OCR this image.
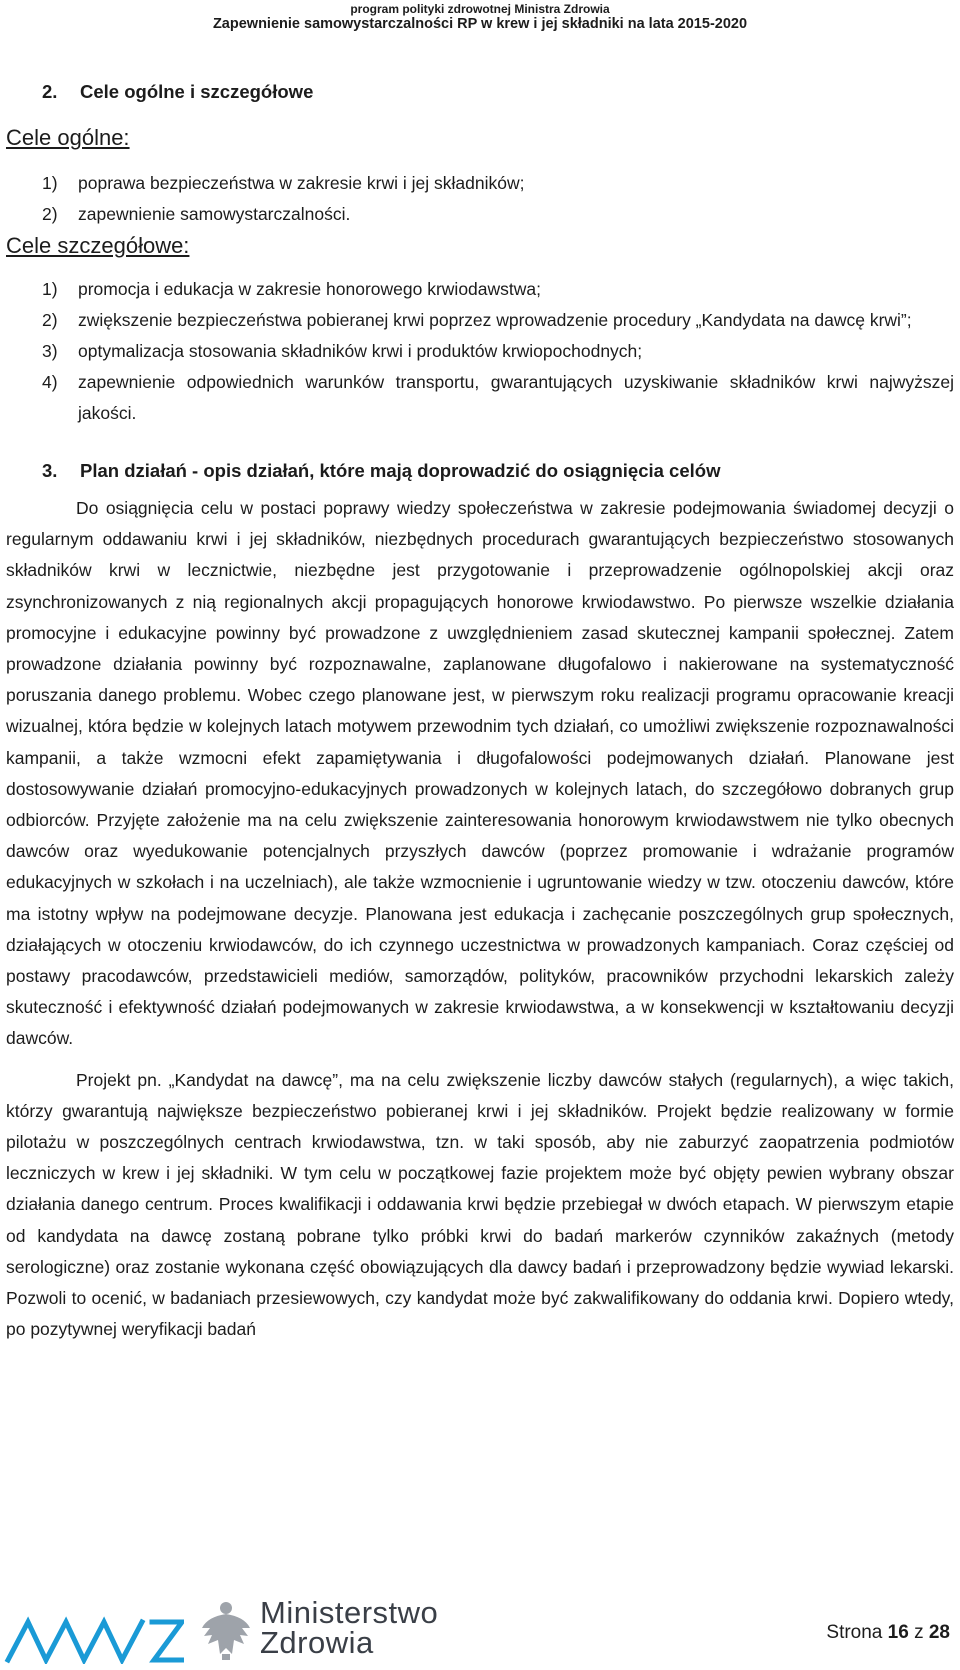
program polityki zdrowotnej Ministra Zdrowia
Zapewnienie samowystarczalności RP w krew i jej składniki na lata 2015-2020
2. Cele ogólne i szczegółowe
Cele ogólne:
1) poprawa bezpieczeństwa w zakresie krwi i jej składników;
2) zapewnienie samowystarczalności.
Cele szczegółowe:
1) promocja i edukacja w zakresie honorowego krwiodawstwa;
2) zwiększenie bezpieczeństwa pobieranej krwi poprzez wprowadzenie procedury „Kandydata na dawcę krwi”;
3) optymalizacja stosowania składników krwi i produktów krwiopochodnych;
4) zapewnienie odpowiednich warunków transportu, gwarantujących uzyskiwanie składników krwi najwyższej jakości.
3. Plan działań - opis działań, które mają doprowadzić do osiągnięcia celów

Do osiągnięcia celu w postaci poprawy wiedzy społeczeństwa w zakresie podejmowania świadomej decyzji o regularnym oddawaniu krwi i jej składników, niezbędnych procedurach gwarantujących bezpieczeństwo stosowanych składników krwi w lecznictwie, niezbędne jest przygotowanie i przeprowadzenie ogólnopolskiej akcji oraz zsynchronizowanych z nią regionalnych akcji propagujących honorowe krwiodawstwo. Po pierwsze wszelkie działania promocyjne i edukacyjne powinny być prowadzone z uwzględnieniem zasad skutecznej kampanii społecznej. Zatem prowadzone działania powinny być rozpoznawalne, zaplanowane długofalowo i nakierowane na systematyczność poruszania danego problemu. Wobec czego planowane jest, w pierwszym roku realizacji programu opracowanie kreacji wizualnej, która będzie w kolejnych latach motywem przewodnim tych działań, co umożliwi zwiększenie rozpoznawalności kampanii, a także wzmocni efekt zapamiętywania i długofalowości podejmowanych działań. Planowane jest dostosowywanie działań promocyjno-edukacyjnych prowadzonych w kolejnych latach, do szczegółowo dobranych grup odbiorców. Przyjęte założenie ma na celu zwiększenie zainteresowania honorowym krwiodawstwem nie tylko obecnych dawców oraz wyedukowanie potencjalnych przyszłych dawców (poprzez promowanie i wdrażanie programów edukacyjnych w szkołach i na uczelniach), ale także wzmocnienie i ugruntowanie wiedzy w tzw. otoczeniu dawców, które ma istotny wpływ na podejmowane decyzje. Planowana jest edukacja i zachęcanie poszczególnych grup społecznych, działających w otoczeniu krwiodawców, do ich czynnego uczestnictwa w prowadzonych kampaniach. Coraz częściej od postawy pracodawców, przedstawicieli mediów, samorządów, polityków, pracowników przychodni lekarskich zależy skuteczność i efektywność działań podejmowanych w zakresie krwiodawstwa, a w konsekwencji w kształtowaniu decyzji dawców.

Projekt pn. „Kandydat na dawcę”, ma na celu zwiększenie liczby dawców stałych (regularnych), a więc takich, którzy gwarantują największe bezpieczeństwo pobieranej krwi i jej składników. Projekt będzie realizowany w formie pilotażu w poszczególnych centrach krwiodawstwa, tzn. w taki sposób, aby nie zaburzyć zaopatrzenia podmiotów leczniczych w krew i jej składniki. W tym celu w początkowej fazie projektem może być objęty pewien wybrany obszar działania danego centrum. Proces kwalifikacji i oddawania krwi będzie przebiegał w dwóch etapach. W pierwszym etapie od kandydata na dawcę zostaną pobrane tylko próbki krwi do badań markerów czynników zakaźnych (metody serologiczne) oraz zostanie wykonana część obowiązujących dla dawcy badań i przeprowadzony będzie wywiad lekarski. Pozwoli to ocenić, w badaniach przesiewowych, czy kandydat może być zakwalifikowany do oddania krwi. Dopiero wtedy, po pozytywnej weryfikacji badań

Ministerstwo
Zdrowia	Strona 16 z 28
